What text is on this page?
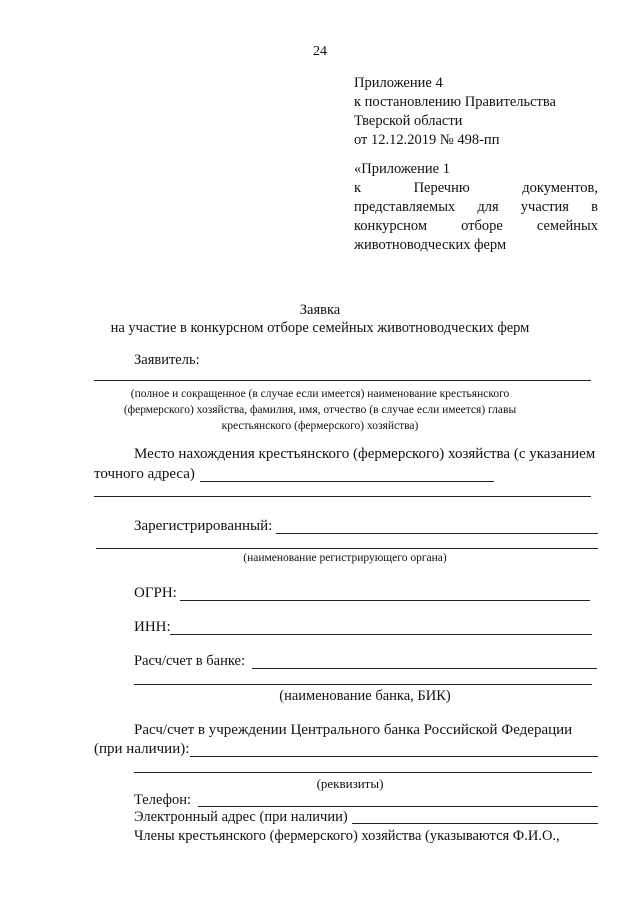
24
Приложение 4
к постановлению Правительства
Тверской области
от 12.12.2019 № 498-пп
«Приложение 1
к	Перечню	документов,
представляемых для участия в
конкурсном отборе семейных
животноводческих ферм
Заявка
на участие в конкурсном отборе семейных животноводческих ферм
Заявитель:
(полное и сокращенное (в случае если имеется) наименование крестьянского
(фермерского) хозяйства, фамилия, имя, отчество (в случае если имеется) главы
крестьянского (фермерского) хозяйства)
Место нахождения крестьянского (фермерского) хозяйства (с указанием
точного адреса)
Зарегистрированный:
(наименование регистрирующего органа)
ОГРН:
ИНН:
Расч/счет в банке:
(наименование банка, БИК)
Расч/счет в учреждении Центрального банка Российской Федерации
(при наличии):
(реквизиты)
Телефон:
Электронный адрес (при наличии)
Члены крестьянского (фермерского) хозяйства (указываются Ф.И.О.,
